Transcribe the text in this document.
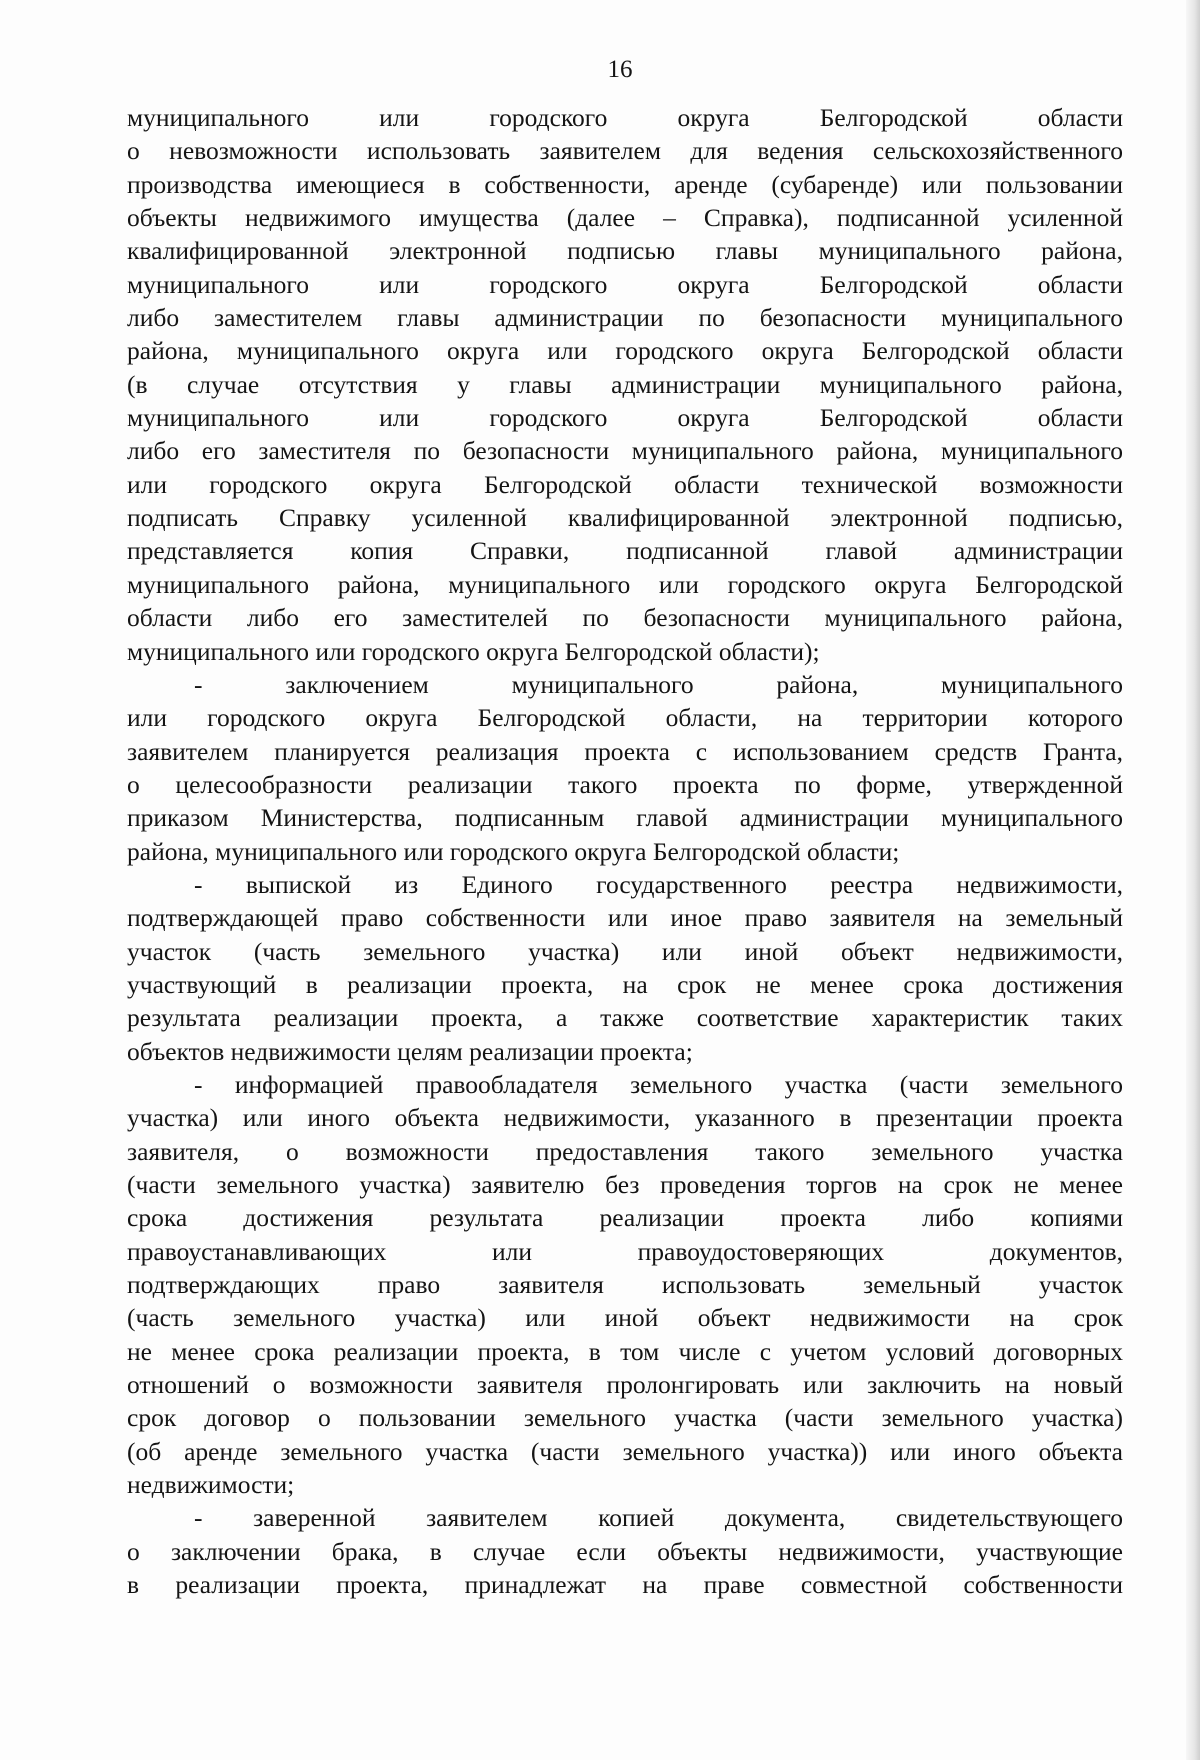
16
муниципального или городского округа Белгородской области
о невозможности использовать заявителем для ведения сельскохозяйственного
производства имеющиеся в собственности, аренде (субаренде) или пользовании
объекты недвижимого имущества (далее – Справка), подписанной усиленной
квалифицированной электронной подписью главы муниципального района,
муниципального или городского округа Белгородской области
либо заместителем главы администрации по безопасности муниципального
района, муниципального округа или городского округа Белгородской области
(в случае отсутствия у главы администрации муниципального района,
муниципального или городского округа Белгородской области
либо его заместителя по безопасности муниципального района, муниципального
или городского округа Белгородской области технической возможности
подписать Справку усиленной квалифицированной электронной подписью,
представляется копия Справки, подписанной главой администрации
муниципального района, муниципального или городского округа Белгородской
области либо его заместителей по безопасности муниципального района,
муниципального или городского округа Белгородской области);
- заключением муниципального района, муниципального
или городского округа Белгородской области, на территории которого
заявителем планируется реализация проекта с использованием средств Гранта,
о целесообразности реализации такого проекта по форме, утвержденной
приказом Министерства, подписанным главой администрации муниципального
района, муниципального или городского округа Белгородской области;
- выпиской из Единого государственного реестра недвижимости,
подтверждающей право собственности или иное право заявителя на земельный
участок (часть земельного участка) или иной объект недвижимости,
участвующий в реализации проекта, на срок не менее срока достижения
результата реализации проекта, а также соответствие характеристик таких
объектов недвижимости целям реализации проекта;
- информацией правообладателя земельного участка (части земельного
участка) или иного объекта недвижимости, указанного в презентации проекта
заявителя, о возможности предоставления такого земельного участка
(части земельного участка) заявителю без проведения торгов на срок не менее
срока достижения результата реализации проекта либо копиями
правоустанавливающих или правоудостоверяющих документов,
подтверждающих право заявителя использовать земельный участок
(часть земельного участка) или иной объект недвижимости на срок
не менее срока реализации проекта, в том числе с учетом условий договорных
отношений о возможности заявителя пролонгировать или заключить на новый
срок договор о пользовании земельного участка (части земельного участка)
(об аренде земельного участка (части земельного участка)) или иного объекта
недвижимости;
- заверенной заявителем копией документа, свидетельствующего
о заключении брака, в случае если объекты недвижимости, участвующие
в реализации проекта, принадлежат на праве совместной собственности
